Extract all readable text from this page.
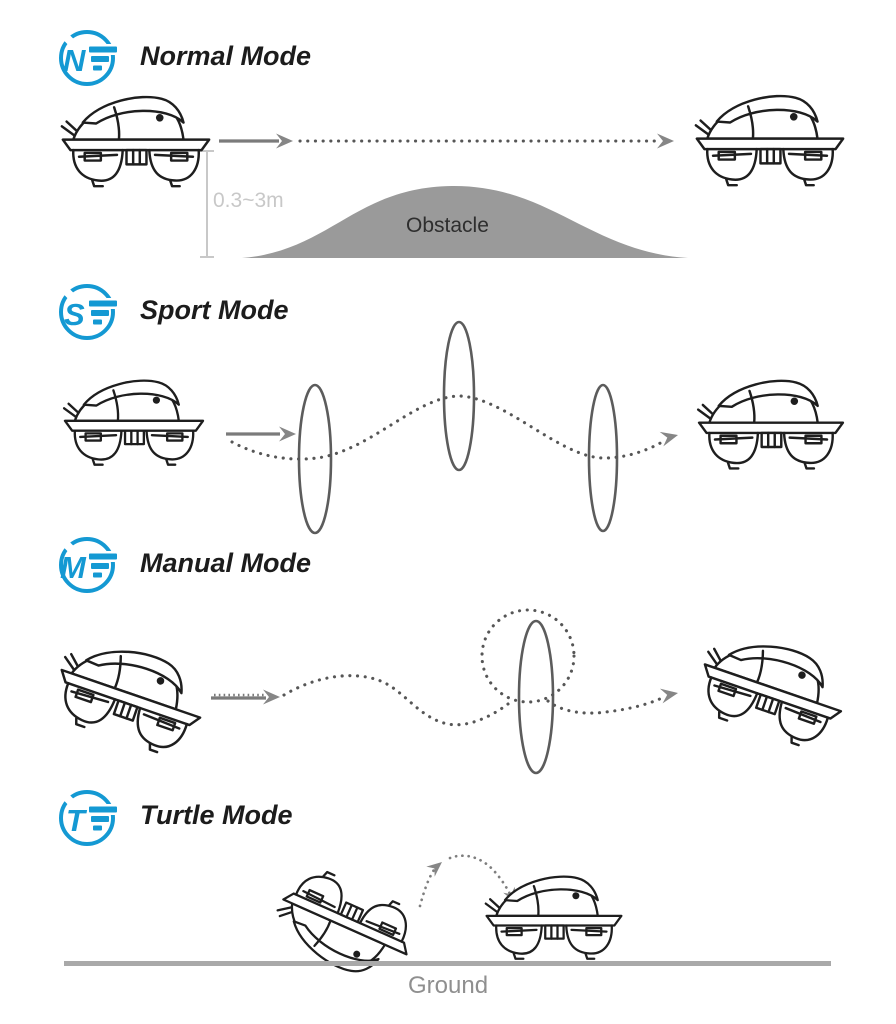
N Normal Mode
0.3~3m
Obstacle
S Sport Mode
M Manual Mode
T Turtle Mode
Ground
